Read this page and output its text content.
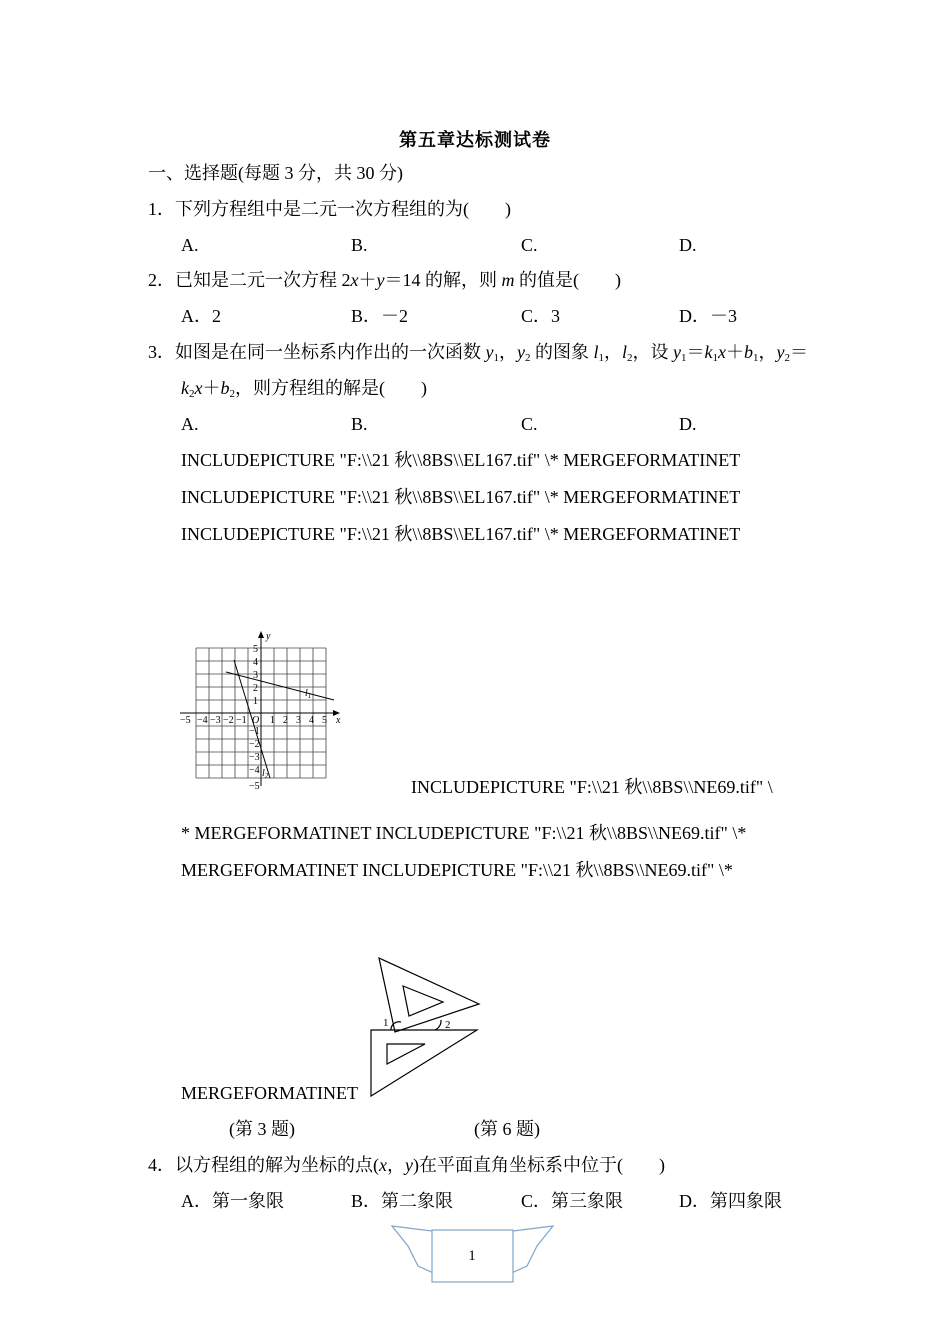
第五章达标测试卷
一、选择题(每题 3 分，共 30 分)
1．下列方程组中是二元一次方程组的为(　　)
A.	B.	C.	D.
2．已知是二元一次方程 2x＋y＝14 的解，则 m 的值是(　　)
A．2	B．－2	C．3	D．－3
3．如图是在同一坐标系内作出的一次函数 $y_1$，$y_2$ 的图象 $l_1$，$l_2$，设 $y_1=k_1x+b_1$，$y_2=$
$k_2x+b_2$，则方程组的解是(　　)
A.	B.	C.	D.
INCLUDEPICTURE "F:\\21 秋\\8BS\\EL167.tif" \* MERGEFORMATINET
INCLUDEPICTURE "F:\\21 秋\\8BS\\EL167.tif" \* MERGEFORMATINET
INCLUDEPICTURE "F:\\21 秋\\8BS\\EL167.tif" \* MERGEFORMATINET
y
x
O
$l_1$
$l_2$
−5 −4 −3 −2 −1 1 2 3 4 5
5
4
3
2
1
−1
−2
−3
−4
−5	INCLUDEPICTURE "F:\\21 秋\\8BS\\NE69.tif" \
* MERGEFORMATINET INCLUDEPICTURE "F:\\21 秋\\8BS\\NE69.tif" \*
MERGEFORMATINET INCLUDEPICTURE "F:\\21 秋\\8BS\\NE69.tif" \*
1	2
MERGEFORMATINET
(第 3 题)	(第 6 题)
4．以方程组的解为坐标的点(x，y)在平面直角坐标系中位于(　　)
A．第一象限	B．第二象限	C．第三象限	D．第四象限
1
